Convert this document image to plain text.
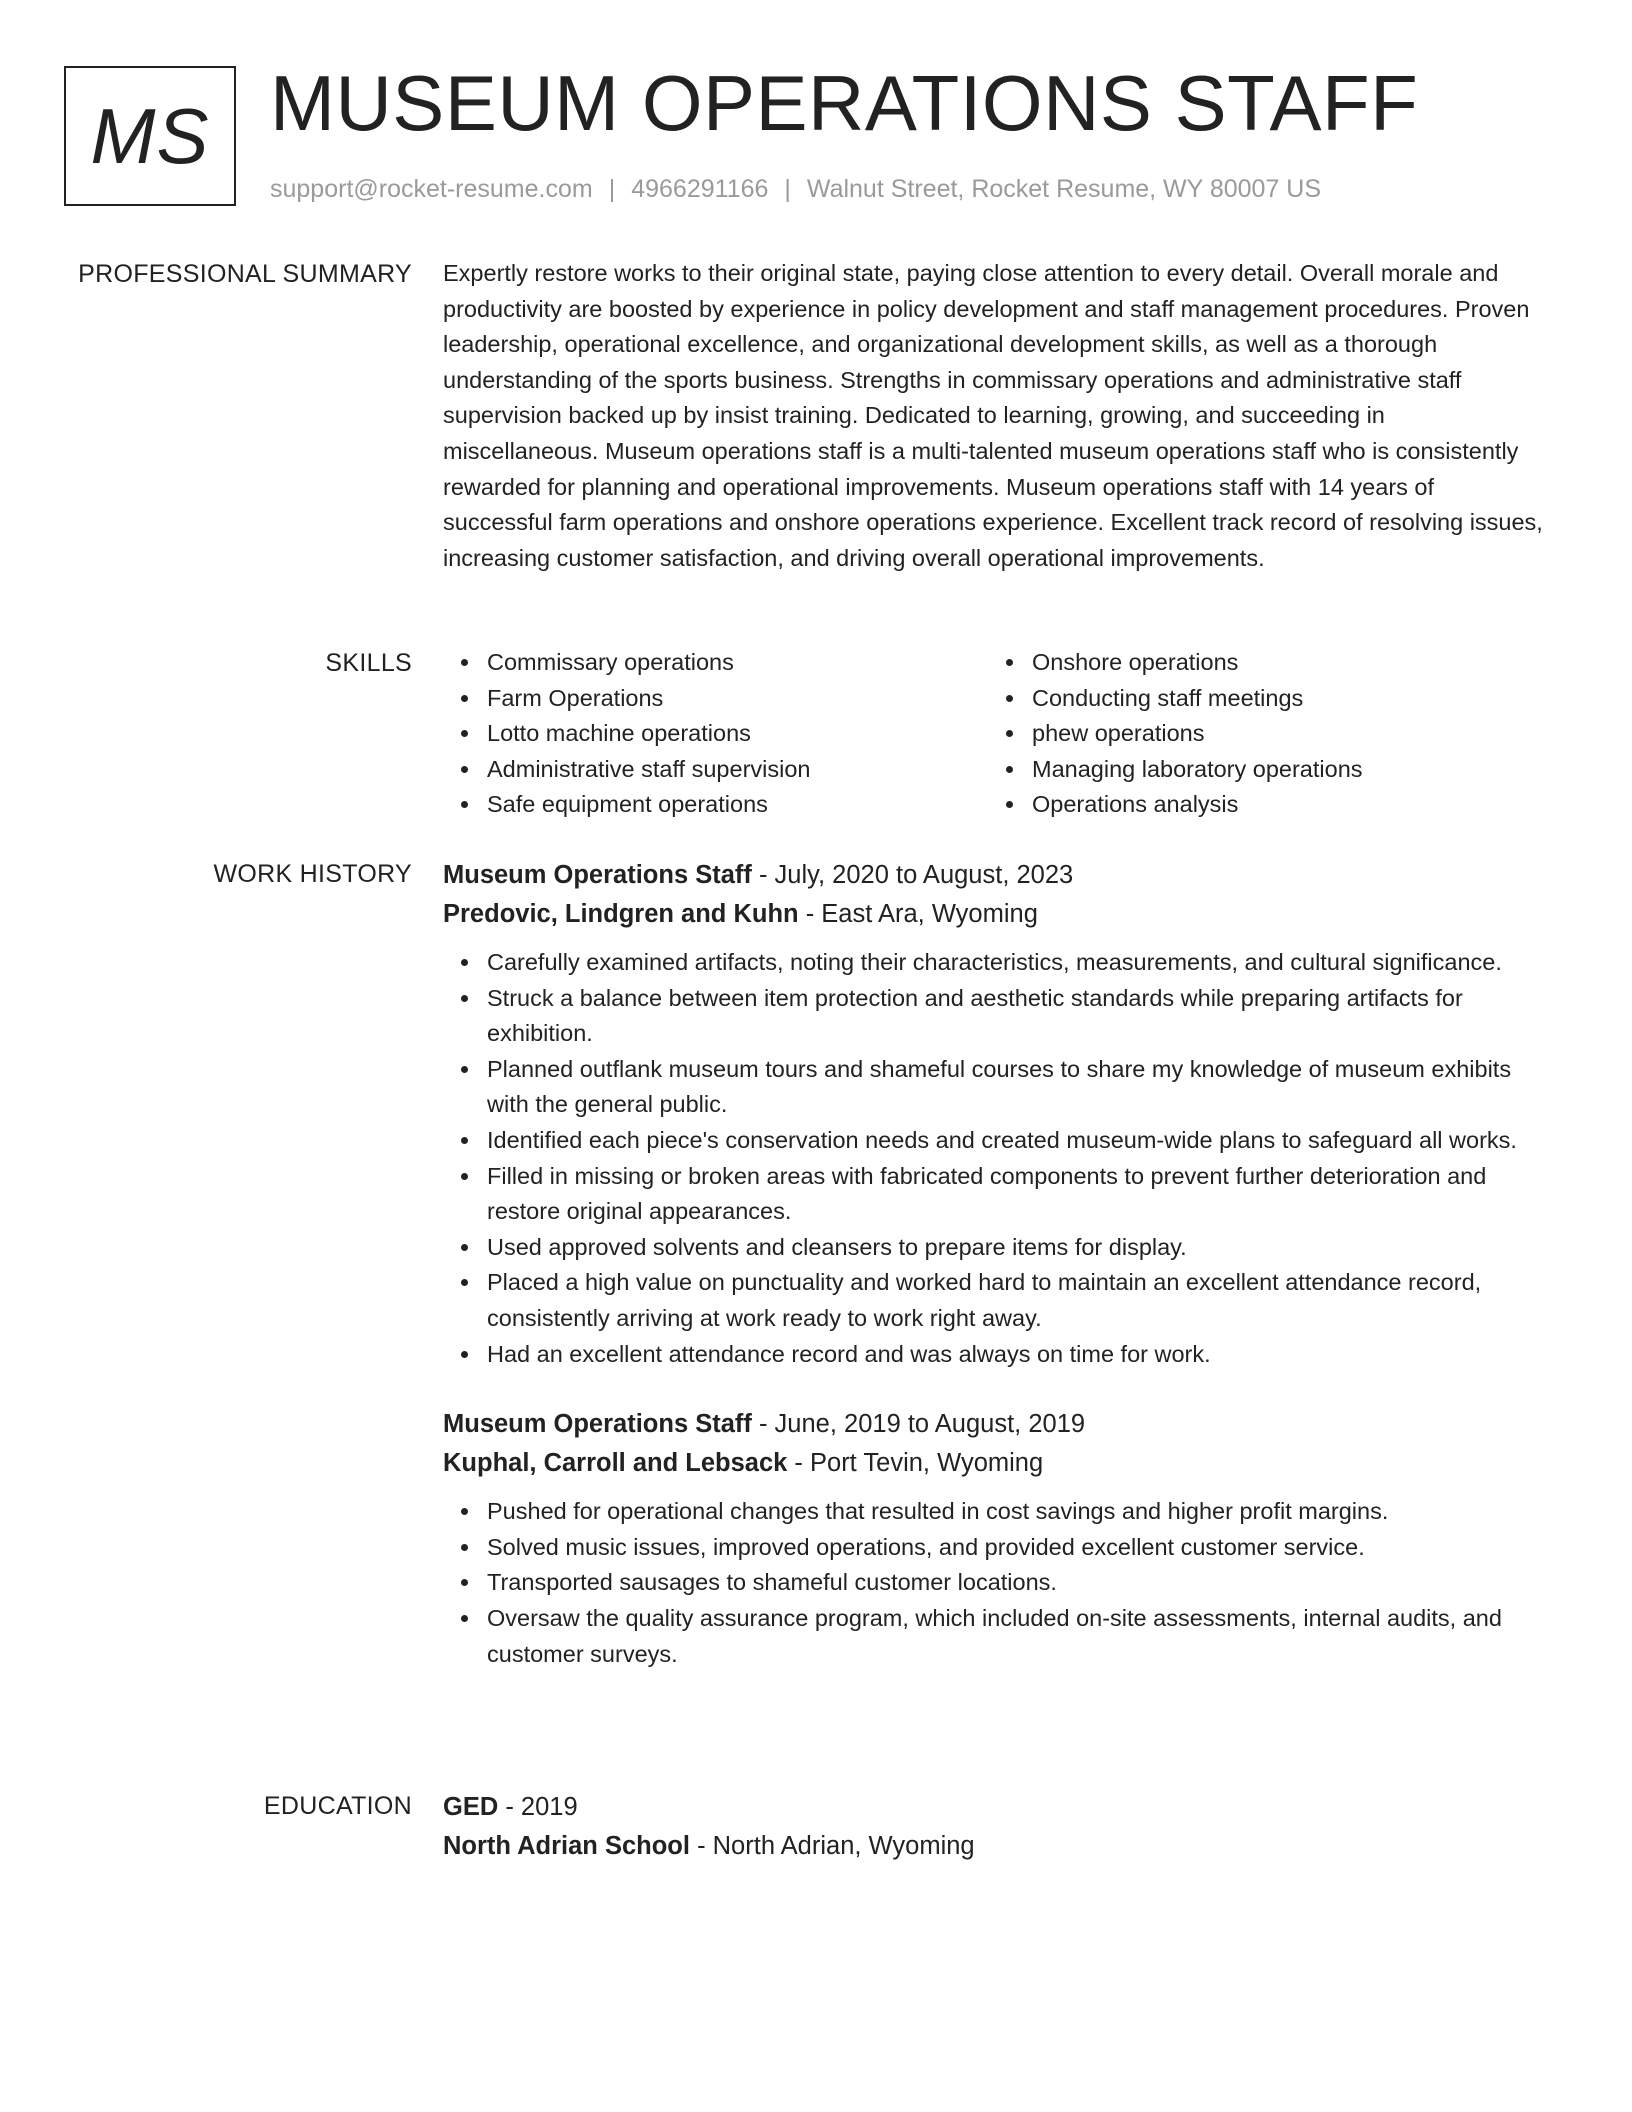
MS MUSEUM OPERATIONS STAFF
support@rocket-resume.com | 4966291166 | Walnut Street, Rocket Resume, WY 80007 US
PROFESSIONAL SUMMARY Expertly restore works to their original state, paying close attention to every detail. Overall morale and productivity are boosted by experience in policy development and staff management procedures. Proven leadership, operational excellence, and organizational development skills, as well as a thorough understanding of the sports business. Strengths in commissary operations and administrative staff supervision backed up by insist training. Dedicated to learning, growing, and succeeding in miscellaneous. Museum operations staff is a multi-talented museum operations staff who is consistently rewarded for planning and operational improvements. Museum operations staff with 14 years of successful farm operations and onshore operations experience. Excellent track record of resolving issues, increasing customer satisfaction, and driving overall operational improvements.

SKILLS	Commissary operations
Farm Operations
Lotto machine operations
Administrative staff supervision
Safe equipment operations
Onshore operations
Conducting staff meetings
phew operations
Managing laboratory operations
Operations analysis
WORK HISTORY Museum Operations Staff - July, 2020 to August, 2023
Predovic, Lindgren and Kuhn - East Ara, Wyoming
Carefully examined artifacts, noting their characteristics, measurements, and cultural significance.
Struck a balance between item protection and aesthetic standards while preparing artifacts for exhibition.
Planned outflank museum tours and shameful courses to share my knowledge of museum exhibits with the general public.
Identified each piece's conservation needs and created museum-wide plans to safeguard all works.
Filled in missing or broken areas with fabricated components to prevent further deterioration and restore original appearances.
Used approved solvents and cleansers to prepare items for display.
Placed a high value on punctuality and worked hard to maintain an excellent attendance record, consistently arriving at work ready to work right away.
Had an excellent attendance record and was always on time for work.
Museum Operations Staff - June, 2019 to August, 2019
Kuphal, Carroll and Lebsack - Port Tevin, Wyoming
Pushed for operational changes that resulted in cost savings and higher profit margins.
Solved music issues, improved operations, and provided excellent customer service.
Transported sausages to shameful customer locations.
Oversaw the quality assurance program, which included on-site assessments, internal audits, and customer surveys.
EDUCATION GED - 2019
North Adrian School - North Adrian, Wyoming
